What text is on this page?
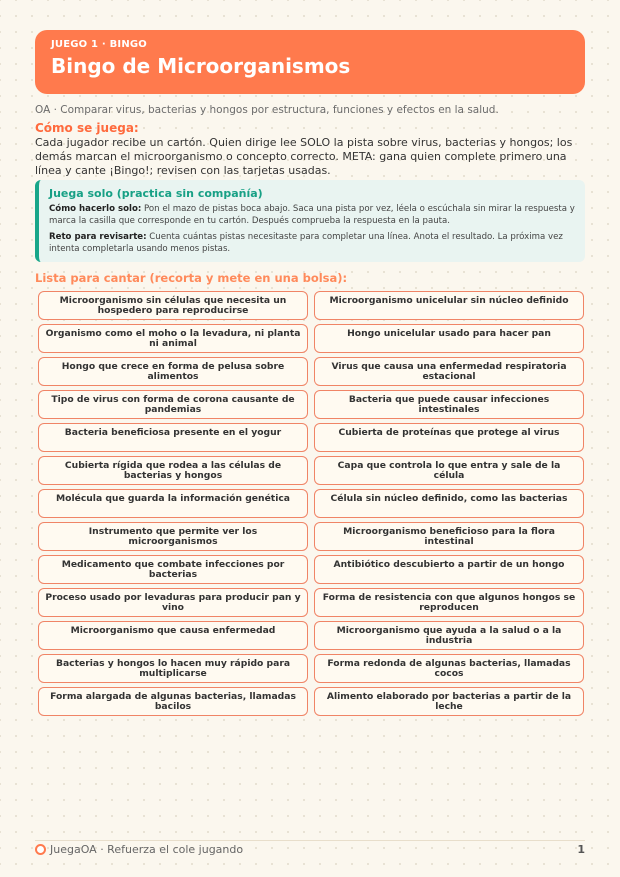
JUEGO 1 · BINGO
Bingo de Microorganismos
OA · Comparar virus, bacterias y hongos por estructura, funciones y efectos en la salud.
Cómo se juega:
Cada jugador recibe un cartón. Quien dirige lee SOLO la pista sobre virus, bacterias y hongos; los demás marcan el microorganismo o concepto correcto. META: gana quien complete primero una línea y cante ¡Bingo!; revisen con las tarjetas usadas.
Juega solo (practica sin compañía)

Cómo hacerlo solo: Pon el mazo de pistas boca abajo. Saca una pista por vez, léela o escúchala sin mirar la respuesta y marca la casilla que corresponde en tu cartón. Después comprueba la respuesta en la pauta.

Reto para revisarte: Cuenta cuántas pistas necesitaste para completar una línea. Anota el resultado. La próxima vez intenta completarla usando menos pistas.

Lista para cantar (recorta y mete en una bolsa):
Microorganismo sin células que necesita un hospedero para reproducirse
Microorganismo unicelular sin núcleo definido
Organismo como el moho o la levadura, ni planta ni animal
Hongo unicelular usado para hacer pan
Hongo que crece en forma de pelusa sobre alimentos
Virus que causa una enfermedad respiratoria estacional
Tipo de virus con forma de corona causante de pandemias
Bacteria que puede causar infecciones intestinales
Bacteria beneficiosa presente en el yogur	Cubierta de proteínas que protege al virus
Cubierta rígida que rodea a las células de bacterias y hongos
Capa que controla lo que entra y sale de la célula
Molécula que guarda la información genética	Célula sin núcleo definido, como las bacterias
Instrumento que permite ver los microorganismos
Microorganismo beneficioso para la flora intestinal
Medicamento que combate infecciones por bacterias
Antibiótico descubierto a partir de un hongo
Proceso usado por levaduras para producir pan y vino
Forma de resistencia con que algunos hongos se reproducen
Microorganismo que causa enfermedad	Microorganismo que ayuda a la salud o a la industria
Bacterias y hongos lo hacen muy rápido para multiplicarse
Forma redonda de algunas bacterias, llamadas cocos
Forma alargada de algunas bacterias, llamadas bacilos
Alimento elaborado por bacterias a partir de la leche
JuegaOA · Refuerza el cole jugando	1
